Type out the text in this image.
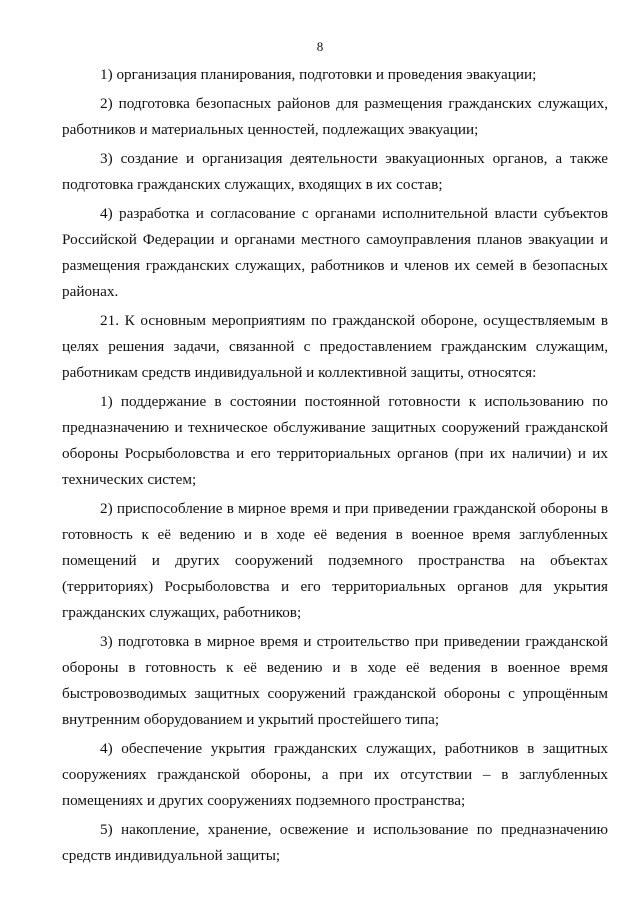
8

1) организация планирования, подготовки и проведения эвакуации;

2) подготовка безопасных районов для размещения гражданских служащих, работников и материальных ценностей, подлежащих эвакуации;

3) создание и организация деятельности эвакуационных органов, а также подготовка гражданских служащих, входящих в их состав;

4) разработка и согласование с органами исполнительной власти субъектов Российской Федерации и органами местного самоуправления планов эвакуации и размещения гражданских служащих, работников и членов их семей в безопасных районах.

21. К основным мероприятиям по гражданской обороне, осуществляемым в целях решения задачи, связанной с предоставлением гражданским служащим, работникам средств индивидуальной и коллективной защиты, относятся:

1) поддержание в состоянии постоянной готовности к использованию по предназначению и техническое обслуживание защитных сооружений гражданской обороны Росрыболовства и его территориальных органов (при их наличии) и их технических систем;

2) приспособление в мирное время и при приведении гражданской обороны в готовность к её ведению и в ходе её ведения в военное время заглубленных помещений и других сооружений подземного пространства на объектах (территориях) Росрыболовства и его территориальных органов для укрытия гражданских служащих, работников;

3) подготовка в мирное время и строительство при приведении гражданской обороны в готовность к её ведению и в ходе её ведения в военное время быстровозводимых защитных сооружений гражданской обороны с упрощённым внутренним оборудованием и укрытий простейшего типа;

4) обеспечение укрытия гражданских служащих, работников в защитных сооружениях гражданской обороны, а при их отсутствии – в заглубленных помещениях и других сооружениях подземного пространства;

5) накопление, хранение, освежение и использование по предназначению средств индивидуальной защиты;
